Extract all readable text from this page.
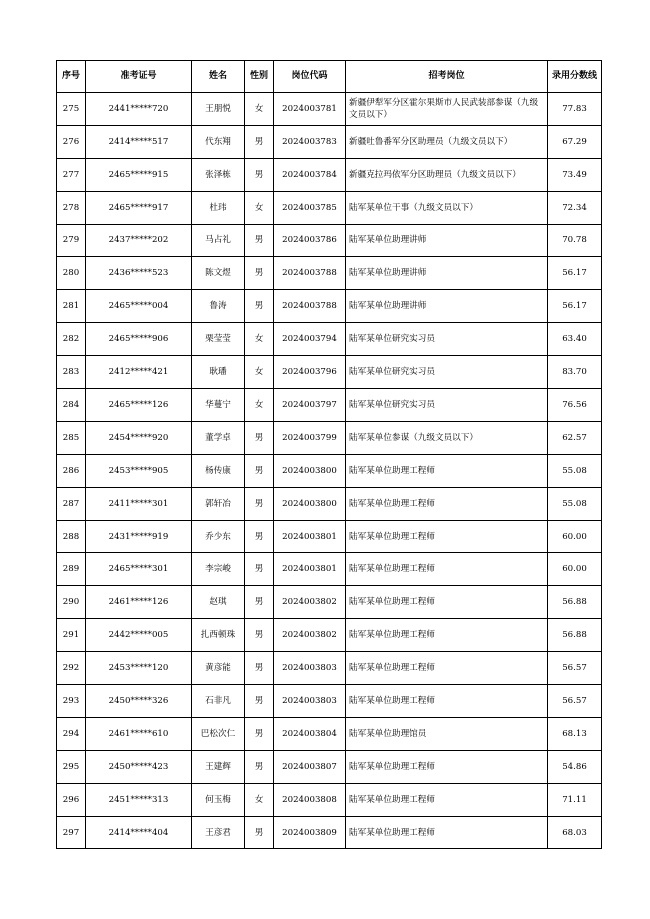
序号	准考证号	姓名	性别	岗位代码	招考岗位	录用分数线
275	2441*****720	王朋悦	女	2024003781	新疆伊犁军分区霍尔果斯市人民武装部参谋（九级文员以下）	77.83
276	2414*****517	代东翔	男	2024003783	新疆吐鲁番军分区助理员（九级文员以下）	67.29
277	2465*****915	张泽栋	男	2024003784	新疆克拉玛依军分区助理员（九级文员以下）	73.49
278	2465*****917	杜玮	女	2024003785	陆军某单位干事（九级文员以下）	72.34
279	2437*****202	马占礼	男	2024003786	陆军某单位助理讲师	70.78
280	2436*****523	陈文煜	男	2024003788	陆军某单位助理讲师	56.17
281	2465*****004	鲁涛	男	2024003788	陆军某单位助理讲师	56.17
282	2465*****906	栗莹莹	女	2024003794	陆军某单位研究实习员	63.40
283	2412*****421	耿璠	女	2024003796	陆军某单位研究实习员	83.70
284	2465*****126	华蔓宁	女	2024003797	陆军某单位研究实习员	76.56
285	2454*****920	董学卓	男	2024003799	陆军某单位参谋（九级文员以下）	62.57
286	2453*****905	杨传康	男	2024003800	陆军某单位助理工程师	55.08
287	2411*****301	郭轩冶	男	2024003800	陆军某单位助理工程师	55.08
288	2431*****919	乔少东	男	2024003801	陆军某单位助理工程师	60.00
289	2465*****301	李宗峻	男	2024003801	陆军某单位助理工程师	60.00
290	2461*****126	赵琪	男	2024003802	陆军某单位助理工程师	56.88
291	2442*****005	扎西顿珠	男	2024003802	陆军某单位助理工程师	56.88
292	2453*****120	黄彦能	男	2024003803	陆军某单位助理工程师	56.57
293	2450*****326	石非凡	男	2024003803	陆军某单位助理工程师	56.57
294	2461*****610	巴松次仁	男	2024003804	陆军某单位助理馆员	68.13
295	2450*****423	王建辉	男	2024003807	陆军某单位助理工程师	54.86
296	2451*****313	何玉梅	女	2024003808	陆军某单位助理工程师	71.11
297	2414*****404	王彦君	男	2024003809	陆军某单位助理工程师	68.03
